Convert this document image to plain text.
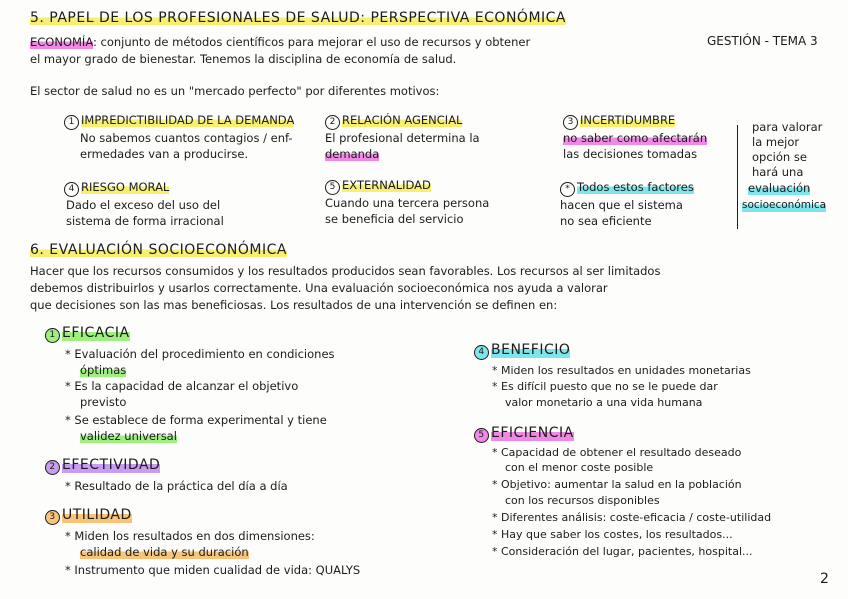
5. PAPEL DE LOS PROFESIONALES DE SALUD: PERSPECTIVA ECONÓMICA
GESTIÓN - TEMA 3
ECONOMÍA: conjunto de métodos científicos para mejorar el uso de recursos y obtener
el mayor grado de bienestar. Tenemos la disciplina de economía de salud.
El sector de salud no es un "mercado perfecto" por diferentes motivos:
1 IMPREDICTIBILIDAD DE LA DEMANDA
No sabemos cuantos contagios / enf-
ermedades van a producirse.
2 RELACIÓN AGENCIAL
El profesional determina la
demanda
3 INCERTIDUMBRE
no saber como afectarán
las decisiones tomadas
4 RIESGO MORAL
Dado el exceso del uso del
sistema de forma irracional
5 EXTERNALIDAD
Cuando una tercera persona
se beneficia del servicio
* Todos estos factores
hacen que el sistema
no sea eficiente
para valorar
la mejor
opción se
hará una
evaluación
socioeconómica
6. EVALUACIÓN SOCIOECONÓMICA
Hacer que los recursos consumidos y los resultados producidos sean favorables. Los recursos al ser limitados
debemos distribuirlos y usarlos correctamente. Una evaluación socioeconómica nos ayuda a valorar
que decisiones son las mas beneficiosas. Los resultados de una intervención se definen en:
1 EFICACIA
* Evaluación del procedimiento en condiciones
óptimas
* Es la capacidad de alcanzar el objetivo
previsto
* Se establece de forma experimental y tiene
validez universal
2 EFECTIVIDAD
* Resultado de la práctica del día a día
3 UTILIDAD
* Miden los resultados en dos dimensiones:
calidad de vida y su duración
* Instrumento que miden cualidad de vida: QUALYS
4 BENEFICIO
* Miden los resultados en unidades monetarias
* Es difícil puesto que no se le puede dar
valor monetario a una vida humana
5 EFICIENCIA
* Capacidad de obtener el resultado deseado
con el menor coste posible
* Objetivo: aumentar la salud en la población
con los recursos disponibles
* Diferentes análisis: coste-eficacia / coste-utilidad
* Hay que saber los costes, los resultados...
* Consideración del lugar, pacientes, hospital...
2
